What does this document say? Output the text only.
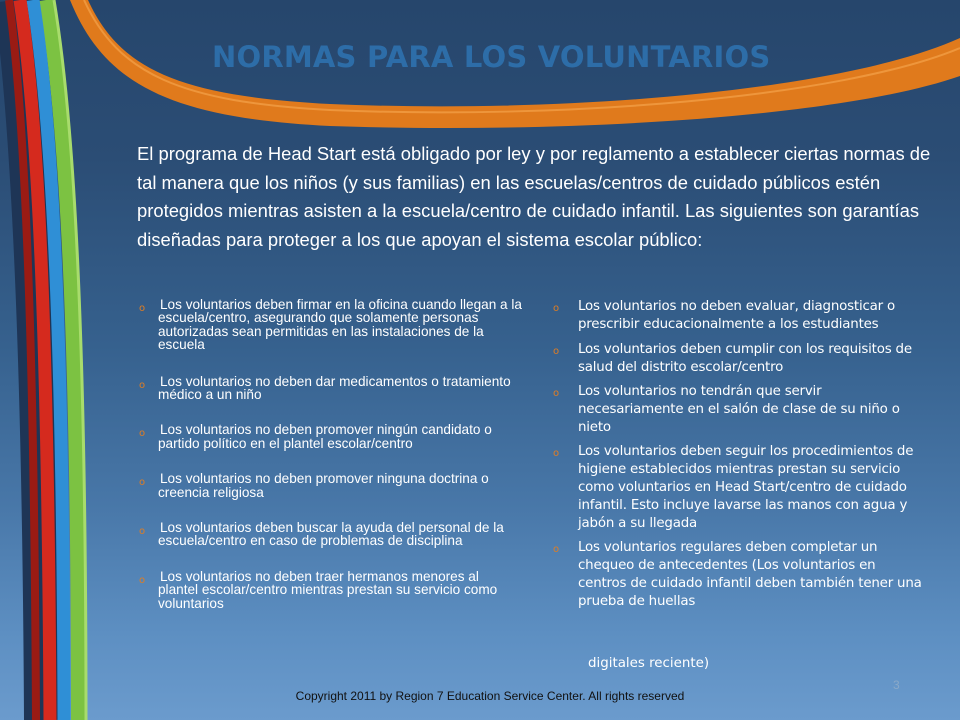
NORMAS PARA LOS VOLUNTARIOS

El programa de Head Start está obligado por ley y por reglamento a establecer ciertas normas de tal manera que los niños (y sus familias) en las escuelas/centros de cuidado públicos estén protegidos mientras asisten a la escuela/centro de cuidado infantil. Las siguientes son garantías diseñadas para proteger a los que apoyan el sistema escolar público:

o Los voluntarios deben firmar en la oficina cuando llegan a la escuela/centro, asegurando que solamente personas autorizadas sean permitidas en las instalaciones de la escuela
o Los voluntarios no deben dar medicamentos o tratamiento médico a un niño
o Los voluntarios no deben promover ningún candidato o partido político en el plantel escolar/centro
o Los voluntarios no deben promover ninguna doctrina o creencia religiosa
o Los voluntarios deben buscar la ayuda del personal de la escuela/centro en caso de problemas de disciplina
o Los voluntarios no deben traer hermanos menores al plantel escolar/centro mientras prestan su servicio como voluntarios
o Los voluntarios no deben evaluar, diagnosticar o prescribir educacionalmente a los estudiantes
o Los voluntarios deben cumplir con los requisitos de salud del distrito escolar/centro
o Los voluntarios no tendrán que servir necesariamente en el salón de clase de su niño o nieto
o Los voluntarios deben seguir los procedimientos de higiene establecidos mientras prestan su servicio como voluntarios en Head Start/centro de cuidado infantil. Esto incluye lavarse las manos con agua y jabón a su llegada
o Los voluntarios regulares deben completar un chequeo de antecedentes (Los voluntarios en centros de cuidado infantil deben también tener una prueba de huellas
digitales reciente)
3
Copyright 2011 by Region 7 Education Service Center. All rights reserved
